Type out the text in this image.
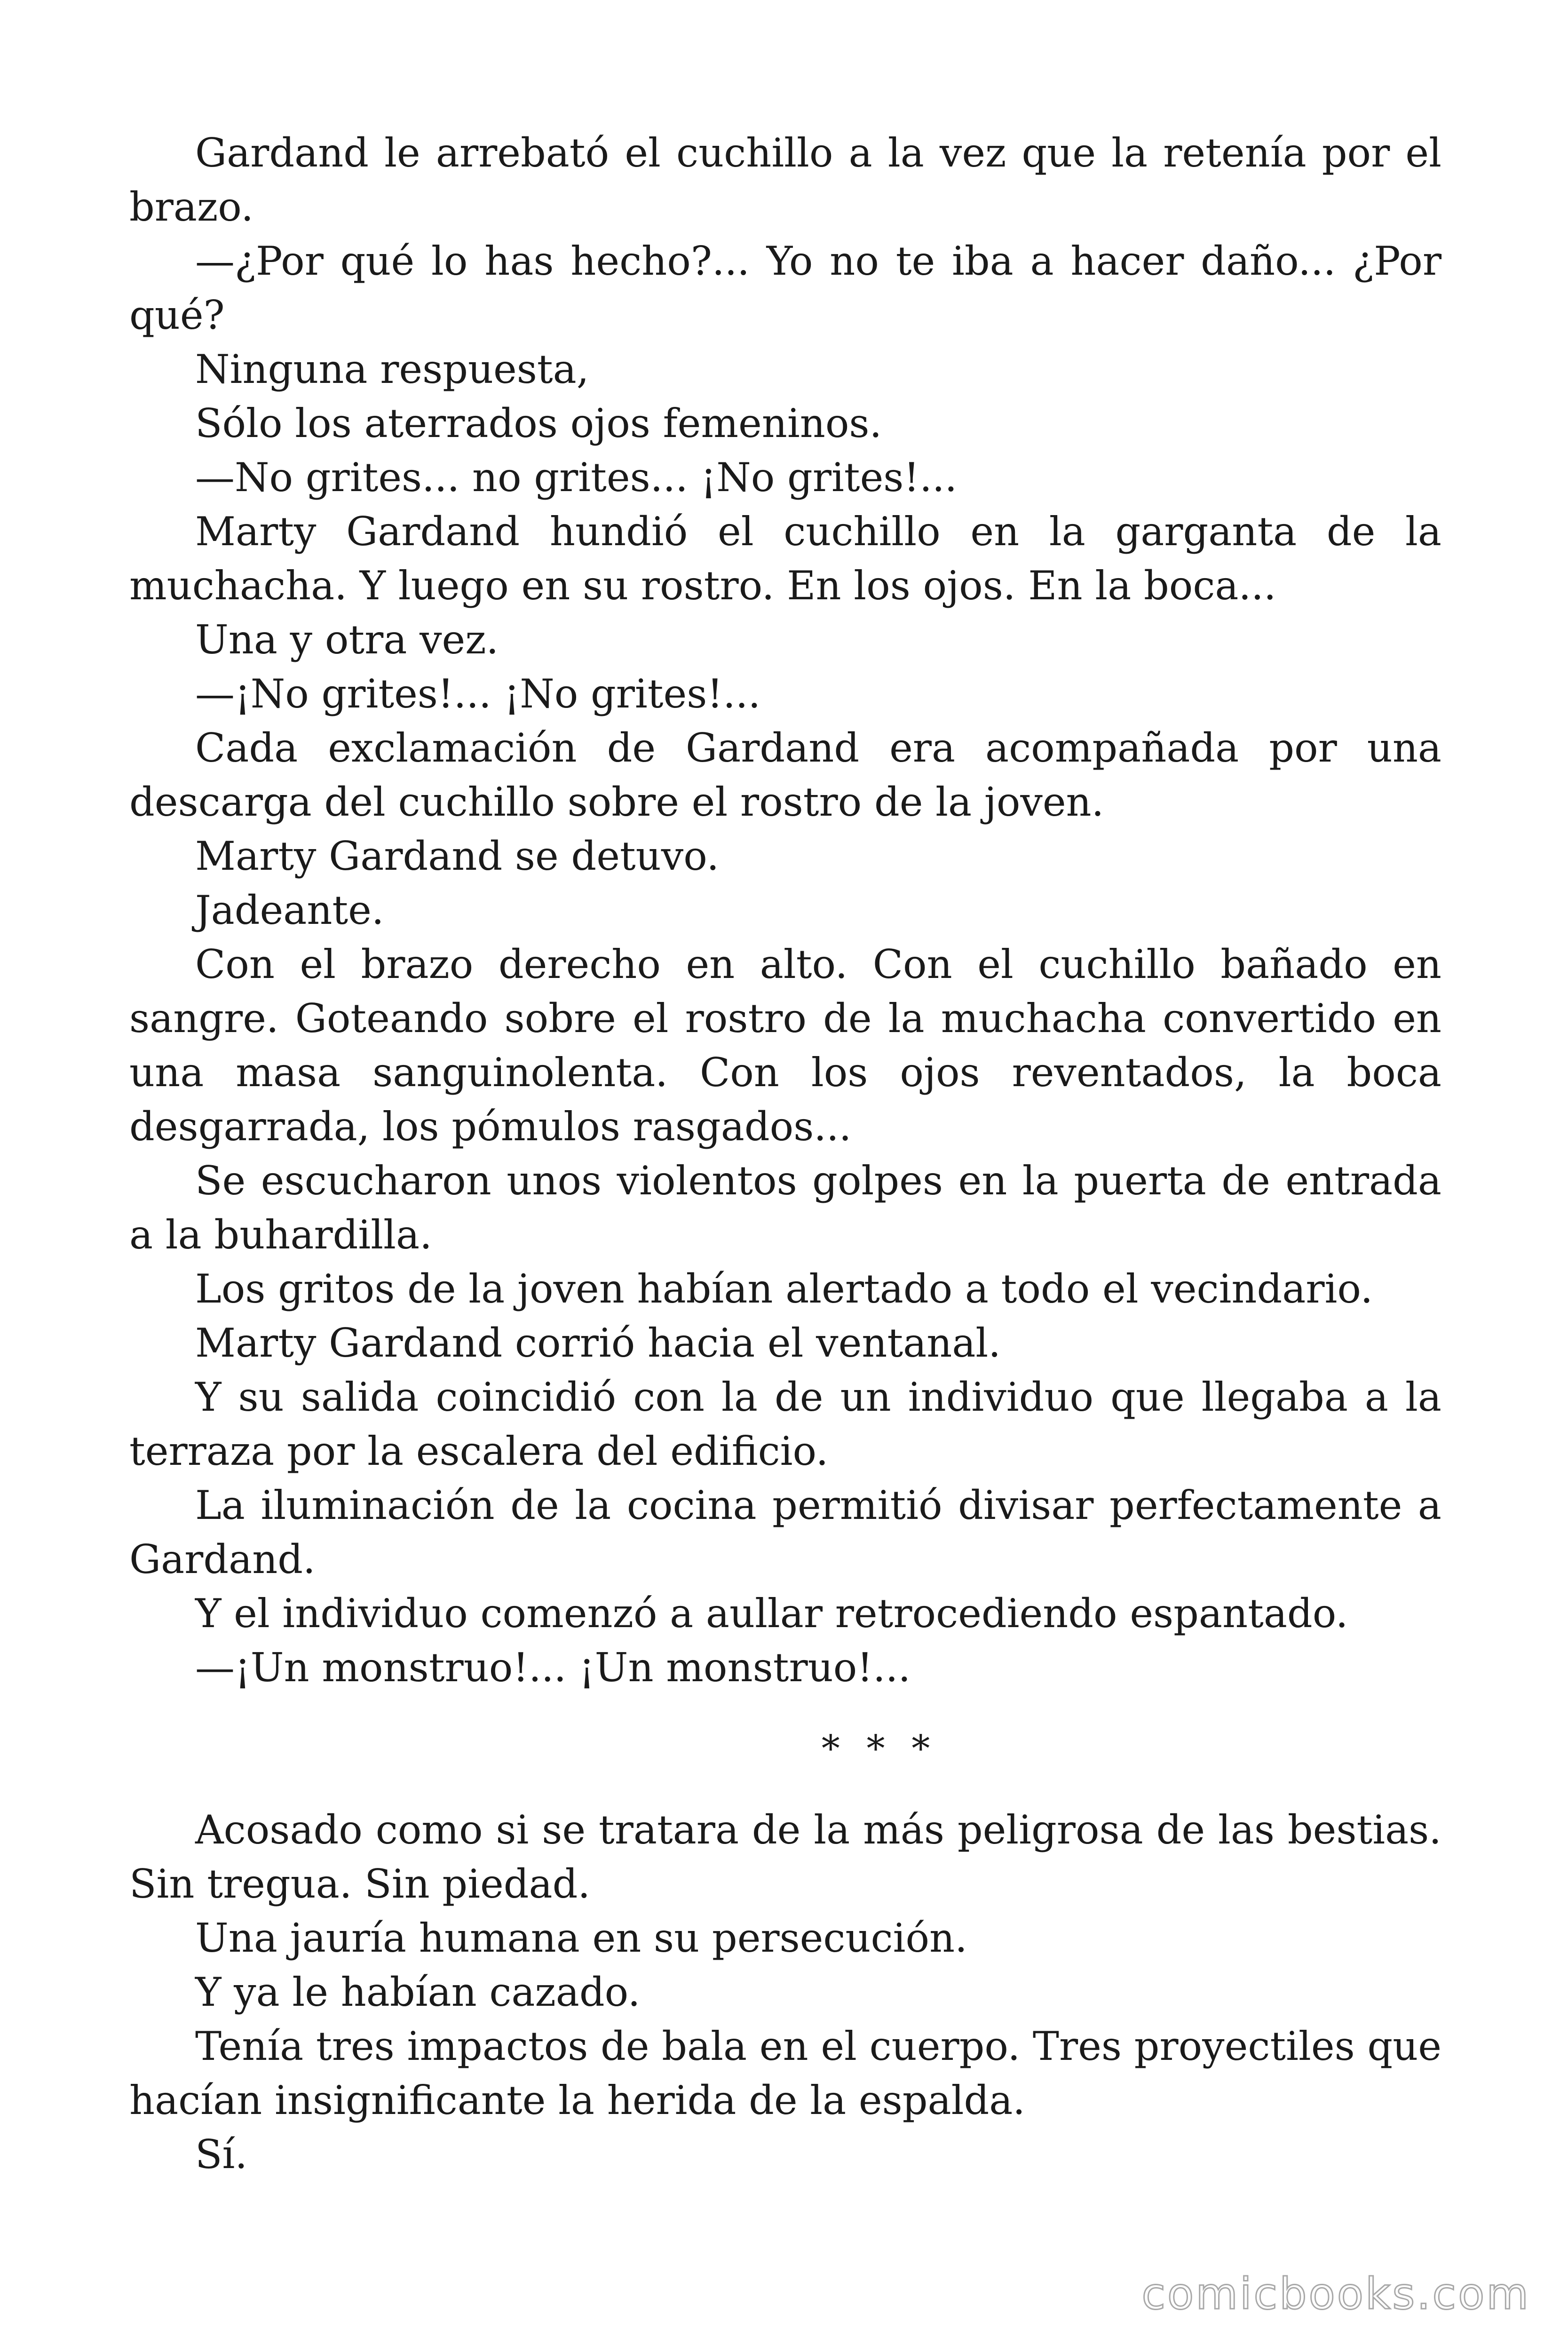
Gardand le arrebató el cuchillo a la vez que la retenía por el brazo.

—¿Por qué lo has hecho?... Yo no te iba a hacer daño... ¿Por qué?

Ninguna respuesta,

Sólo los aterrados ojos femeninos.

—No grites... no grites... ¡No grites!...

Marty Gardand hundió el cuchillo en la garganta de la muchacha. Y luego en su rostro. En los ojos. En la boca...

Una y otra vez.

—¡No grites!... ¡No grites!...

Cada exclamación de Gardand era acompañada por una descarga del cuchillo sobre el rostro de la joven.

Marty Gardand se detuvo.

Jadeante.

Con el brazo derecho en alto. Con el cuchillo bañado en sangre. Goteando sobre el rostro de la muchacha convertido en una masa sanguinolenta. Con los ojos reventados, la boca desgarrada, los pómulos rasgados...

Se escucharon unos violentos golpes en la puerta de entrada a la buhardilla.

Los gritos de la joven habían alertado a todo el vecindario.

Marty Gardand corrió hacia el ventanal.

Y su salida coincidió con la de un individuo que llegaba a la terraza por la escalera del edificio.

La iluminación de la cocina permitió divisar perfectamente a Gardand.

Y el individuo comenzó a aullar retrocediendo espantado.

—¡Un monstruo!... ¡Un monstruo!...

* * *

Acosado como si se tratara de la más peligrosa de las bestias. Sin tregua. Sin piedad.

Una jauría humana en su persecución.

Y ya le habían cazado.

Tenía tres impactos de bala en el cuerpo. Tres proyectiles que hacían insignificante la herida de la espalda.

Sí.

comicbooks.com
